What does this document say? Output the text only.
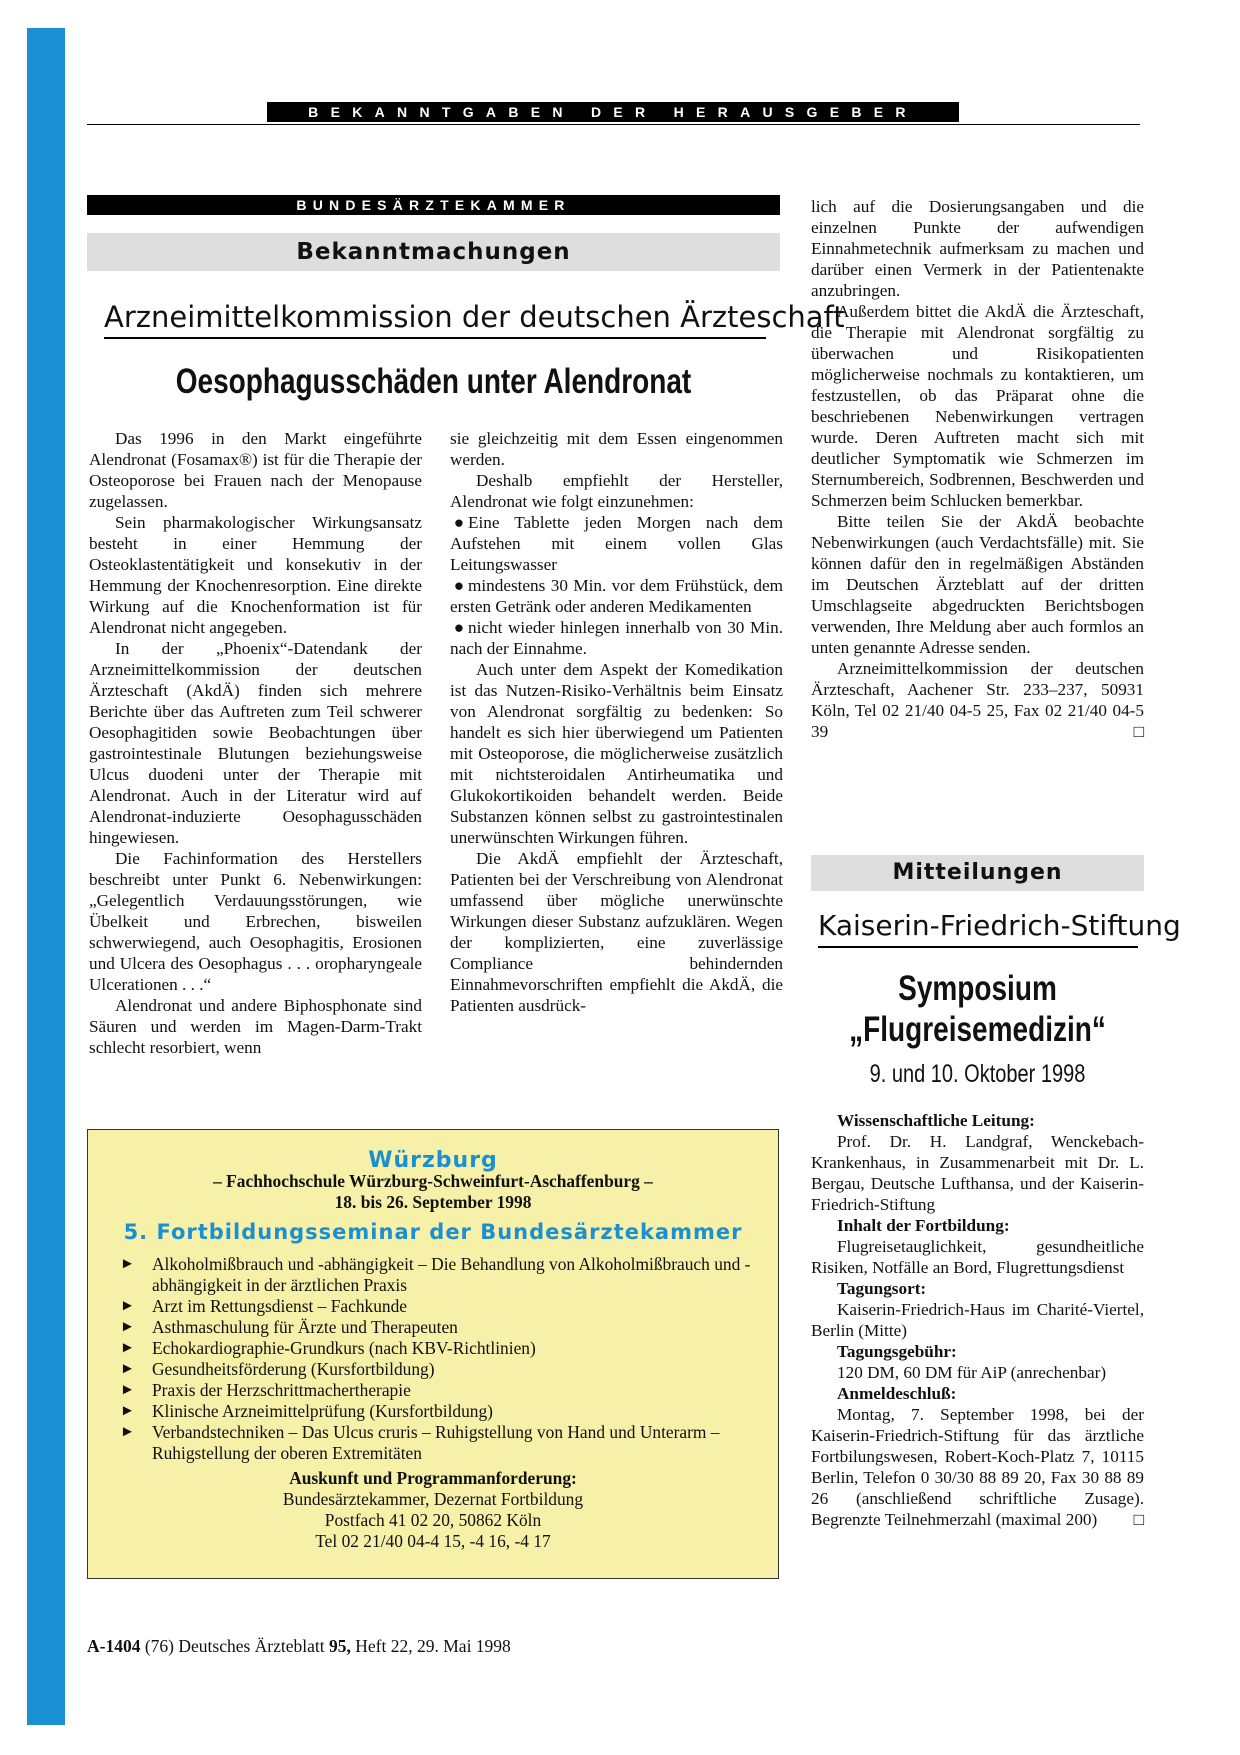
BEKANNTGABEN DER HERAUSGEBER
BUNDESÄRZTEKAMMER
Bekanntmachungen
Arzneimittelkommission der deutschen Ärzteschaft
Oesophagusschäden unter Alendronat

Das 1996 in den Markt eingeführte Alendronat (Fosamax®) ist für die Therapie der Osteoporose bei Frauen nach der Menopause zugelassen.

Sein pharmakologischer Wirkungsansatz besteht in einer Hemmung der Osteoklastentätigkeit und konsekutiv in der Hemmung der Knochenresorption. Eine direkte Wirkung auf die Knochenformation ist für Alendronat nicht angegeben.

In der „Phoenix“-Datendank der Arzneimittelkommission der deutschen Ärzteschaft (AkdÄ) finden sich mehrere Berichte über das Auftreten zum Teil schwerer Oesophagitiden sowie Beobachtungen über gastrointestinale Blutungen beziehungsweise Ulcus duodeni unter der Therapie mit Alendronat. Auch in der Literatur wird auf Alendronat-induzierte Oesophagusschäden hingewiesen.

Die Fachinformation des Herstellers beschreibt unter Punkt 6. Nebenwirkungen: „Gelegentlich Verdauungsstörungen, wie Übelkeit und Erbrechen, bisweilen schwerwiegend, auch Oesophagitis, Erosionen und Ulcera des Oesophagus . . . oropharyngeale Ulcerationen . . .“

Alendronat und andere Biphosphonate sind Säuren und werden im Magen-Darm-Trakt schlecht resorbiert, wenn

sie gleichzeitig mit dem Essen eingenommen werden.

Deshalb empfiehlt der Hersteller, Alendronat wie folgt einzunehmen:

● Eine Tablette jeden Morgen nach dem Aufstehen mit einem vollen Glas Leitungswasser

● mindestens 30 Min. vor dem Frühstück, dem ersten Getränk oder anderen Medikamenten

● nicht wieder hinlegen innerhalb von 30 Min. nach der Einnahme.

Auch unter dem Aspekt der Komedikation ist das Nutzen-Risiko-Verhältnis beim Einsatz von Alendronat sorgfältig zu bedenken: So handelt es sich hier überwiegend um Patienten mit Osteoporose, die möglicherweise zusätzlich mit nichtsteroidalen Antirheumatika und Glukokortikoiden behandelt werden. Beide Substanzen können selbst zu gastrointestinalen unerwünschten Wirkungen führen.

Die AkdÄ empfiehlt der Ärzteschaft, Patienten bei der Verschreibung von Alendronat umfassend über mögliche unerwünschte Wirkungen dieser Substanz aufzuklären. Wegen der komplizierten, eine zuverlässige Compliance behindernden Einnahmevorschriften empfiehlt die AkdÄ, die Patienten ausdrück-

lich auf die Dosierungsangaben und die einzelnen Punkte der aufwendigen Einnahmetechnik aufmerksam zu machen und darüber einen Vermerk in der Patientenakte anzubringen.

Außerdem bittet die AkdÄ die Ärzteschaft, die Therapie mit Alendronat sorgfältig zu überwachen und Risikopatienten möglicherweise nochmals zu kontaktieren, um festzustellen, ob das Präparat ohne die beschriebenen Nebenwirkungen vertragen wurde. Deren Auftreten macht sich mit deutlicher Symptomatik wie Schmerzen im Sternumbereich, Sodbrennen, Beschwerden und Schmerzen beim Schlucken bemerkbar.

Bitte teilen Sie der AkdÄ beobachte Nebenwirkungen (auch Verdachtsfälle) mit. Sie können dafür den in regelmäßigen Abständen im Deutschen Ärzteblatt auf der dritten Umschlagseite abgedruckten Berichtsbogen verwenden, Ihre Meldung aber auch formlos an unten genannte Adresse senden.

Arzneimittelkommission der deutschen Ärzteschaft, Aachener Str. 233–237, 50931 Köln, Tel 02 21/40 04-5 25, Fax 02 21/40 04-5 39	□

Würzburg
– Fachhochschule Würzburg-Schweinfurt-Aschaffenburg –
18. bis 26. September 1998
5. Fortbildungsseminar der Bundesärztekammer
► Alkoholmißbrauch und -abhängigkeit – Die Behandlung von Alkoholmißbrauch und -abhängigkeit in der ärztlichen Praxis
► Arzt im Rettungsdienst – Fachkunde
► Asthmaschulung für Ärzte und Therapeuten
► Echokardiographie-Grundkurs (nach KBV-Richtlinien)
► Gesundheitsförderung (Kursfortbildung)
► Praxis der Herzschrittmachertherapie
► Klinische Arzneimittelprüfung (Kursfortbildung)
► Verbandstechniken – Das Ulcus cruris – Ruhigstellung von Hand und Unterarm – Ruhigstellung der oberen Extremitäten
Auskunft und Programmanforderung:
Bundesärztekammer, Dezernat Fortbildung
Postfach 41 02 20, 50862 Köln
Tel 02 21/40 04-4 15, -4 16, -4 17
Mitteilungen
Kaiserin-Friedrich-Stiftung
Symposium
„Flugreisemedizin“
9. und 10. Oktober 1998

Wissenschaftliche Leitung:

Prof. Dr. H. Landgraf, Wenckebach-Krankenhaus, in Zusammenarbeit mit Dr. L. Bergau, Deutsche Lufthansa, und der Kaiserin-Friedrich-Stiftung

Inhalt der Fortbildung:

Flugreisetauglichkeit, gesundheitliche Risiken, Notfälle an Bord, Flugrettungsdienst

Tagungsort:

Kaiserin-Friedrich-Haus im Charité-Viertel, Berlin (Mitte)

Tagungsgebühr:

120 DM, 60 DM für AiP (anrechenbar)

Anmeldeschluß:

Montag, 7. September 1998, bei der Kaiserin-Friedrich-Stiftung für das ärztliche Fortbilungswesen, Robert-Koch-Platz 7, 10115 Berlin, Telefon 0 30/30 88 89 20, Fax 30 88 89 26 (anschließend schriftliche Zusage). Begrenzte Teilnehmerzahl (maximal 200)	□

A-1404 (76) Deutsches Ärzteblatt 95, Heft 22, 29. Mai 1998
